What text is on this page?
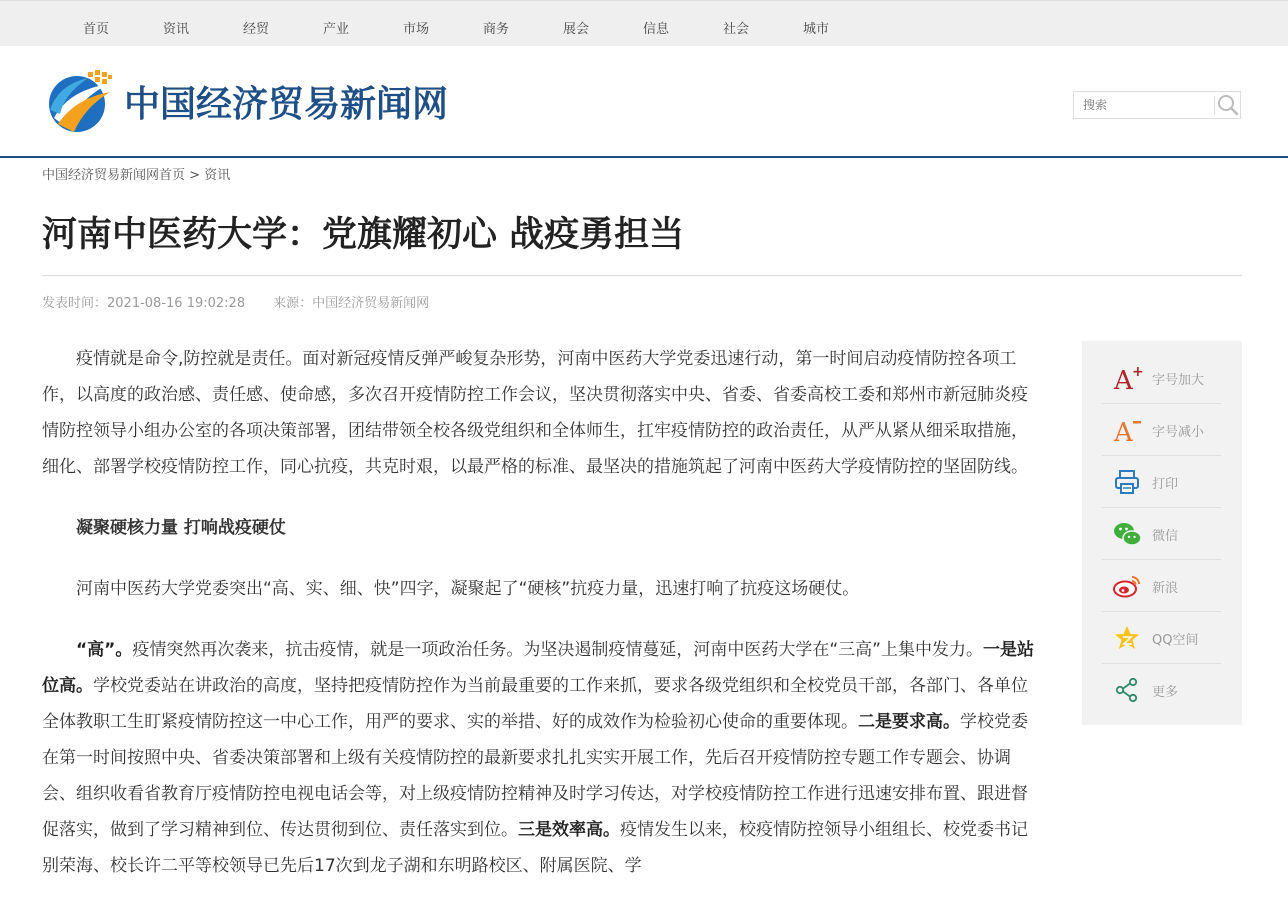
首页	资讯	经贸	产业	市场	商务	展会	信息	社会	城市
中国经济贸易新闻网
搜索
中国经济贸易新闻网首页 > 资讯
河南中医药大学：党旗耀初心 战疫勇担当
发表时间：2021-08-16 19:02:28 来源：中国经济贸易新闻网

疫情就是命令,防控就是责任。面对新冠疫情反弹严峻复杂形势，河南中医药大学党委迅速行动，第一时间启动疫情防控各项工作，以高度的政治感、责任感、使命感，多次召开疫情防控工作会议，坚决贯彻落实中央、省委、省委高校工委和郑州市新冠肺炎疫情防控领导小组办公室的各项决策部署，团结带领全校各级党组织和全体师生，扛牢疫情防控的政治责任，从严从紧从细采取措施，细化、部署学校疫情防控工作，同心抗疫，共克时艰，以最严格的标准、最坚决的措施筑起了河南中医药大学疫情防控的坚固防线。

凝聚硬核力量 打响战疫硬仗

河南中医药大学党委突出“高、实、细、快”四字，凝聚起了“硬核”抗疫力量，迅速打响了抗疫这场硬仗。

“高”。疫情突然再次袭来，抗击疫情，就是一项政治任务。为坚决遏制疫情蔓延，河南中医药大学在“三高”上集中发力。一是站位高。学校党委站在讲政治的高度，坚持把疫情防控作为当前最重要的工作来抓，要求各级党组织和全校党员干部，各部门、各单位全体教职工生盯紧疫情防控这一中心工作，用严的要求、实的举措、好的成效作为检验初心使命的重要体现。二是要求高。学校党委在第一时间按照中央、省委决策部署和上级有关疫情防控的最新要求扎扎实实开展工作，先后召开疫情防控专题工作专题会、协调会、组织收看省教育厅疫情防控电视电话会等，对上级疫情防控精神及时学习传达，对学校疫情防控工作进行迅速安排布置、跟进督促落实，做到了学习精神到位、传达贯彻到位、责任落实到位。三是效率高。疫情发生以来，校疫情防控领导小组组长、校党委书记别荣海、校长许二平等校领导已先后17次到龙子湖和东明路校区、附属医院、学

A +
字号加大
A 字号减小
打印
微信
新浪
QQ空间
更多
